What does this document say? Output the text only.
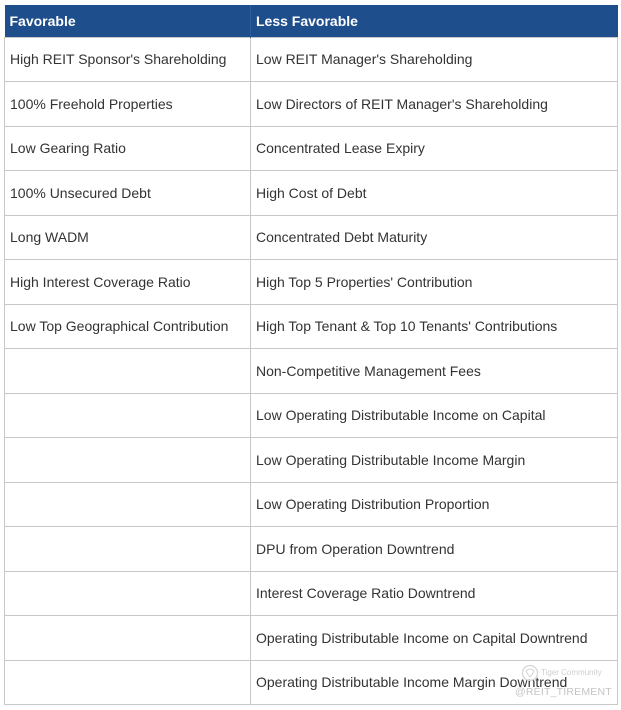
Favorable	Less Favorable
High REIT Sponsor's Shareholding	Low REIT Manager's Shareholding
100% Freehold Properties	Low Directors of REIT Manager's Shareholding
Low Gearing Ratio	Concentrated Lease Expiry
100% Unsecured Debt	High Cost of Debt
Long WADM	Concentrated Debt Maturity
High Interest Coverage Ratio	High Top 5 Properties' Contribution
Low Top Geographical Contribution	High Top Tenant & Top 10 Tenants' Contributions
	Non-Competitive Management Fees
	Low Operating Distributable Income on Capital
	Low Operating Distributable Income Margin
	Low Operating Distribution Proportion
	DPU from Operation Downtrend
	Interest Coverage Ratio Downtrend
	Operating Distributable Income on Capital Downtrend
	Operating Distributable Income Margin Downtrend
Tiger Community
@REIT_TIREMENT
